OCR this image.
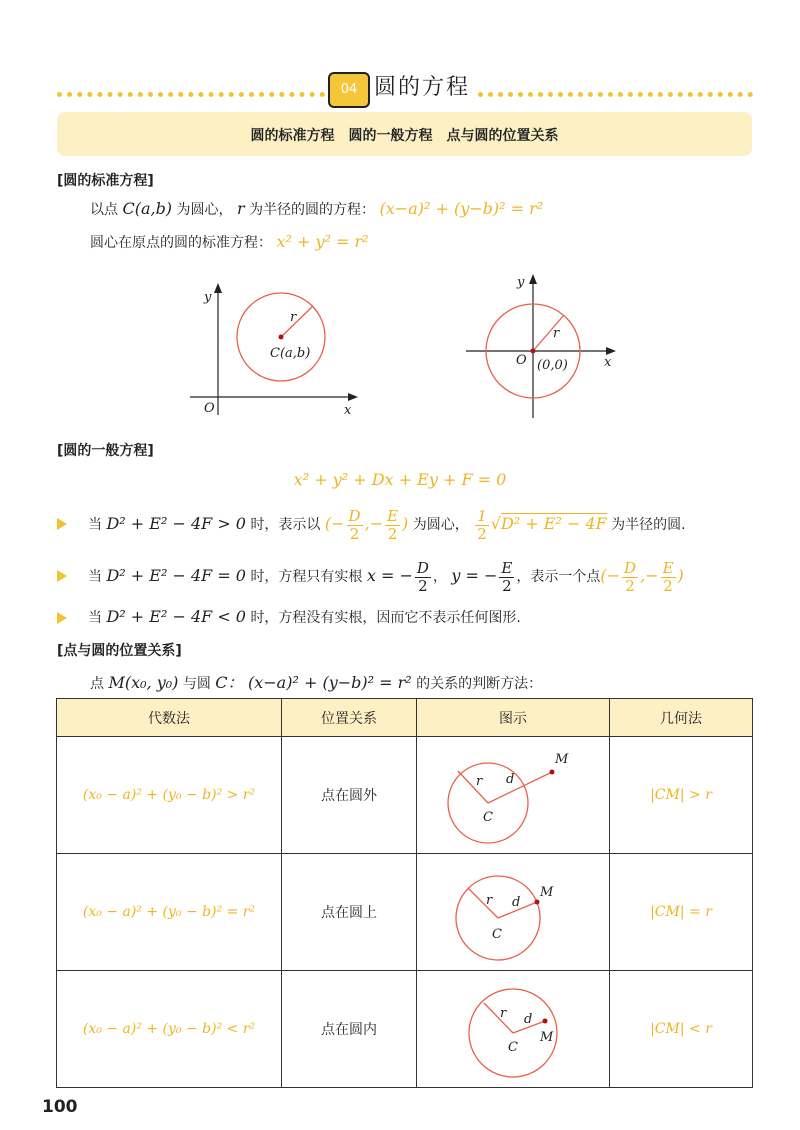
04 圆的方程
圆的标准方程　圆的一般方程　点与圆的位置关系
[圆的标准方程]
以点 C(a,b) 为圆心， r 为半径的圆的方程： (x−a)² + (y−b)² = r²
圆心在原点的圆的标准方程： x² + y² = r²
y
x
O
r
C(a,b)
y
x
O
r
(0,0)
[圆的一般方程]
x² + y² + Dx + Ey + F = 0
当 D² + E² − 4F > 0 时，表示以 (− $\frac{D}{2}$ ,− $\frac{E}{2}$ ) 为圆心， $\frac{1}{2} √D^2 + E^2 - 4F$ 为半径的圆.
当 D² + E² − 4F = 0 时，方程只有实根 x = − $\frac{D}{2}$ ， y = − $\frac{E}{2}$ ，表示一个点(− $\frac{D}{2}$ ,− $\frac{E}{2}$ )
当 D² + E² − 4F < 0 时，方程没有实根，因而它不表示任何图形.
[点与圆的位置关系]
点 M(x₀, y₀) 与圆 C： (x−a)² + (y−b)² = r² 的关系的判断方法：
代数法	位置关系	图示	几何法
(x₀ − a)² + (y₀ − b)² > r²	点在圆外	r d
C
M	|CM| > r
(x₀ − a)² + (y₀ − b)² = r²	点在圆上	r d
C
M	|CM| = r
(x₀ − a)² + (y₀ − b)² < r²	点在圆内	r d
C
M	|CM| < r
100
